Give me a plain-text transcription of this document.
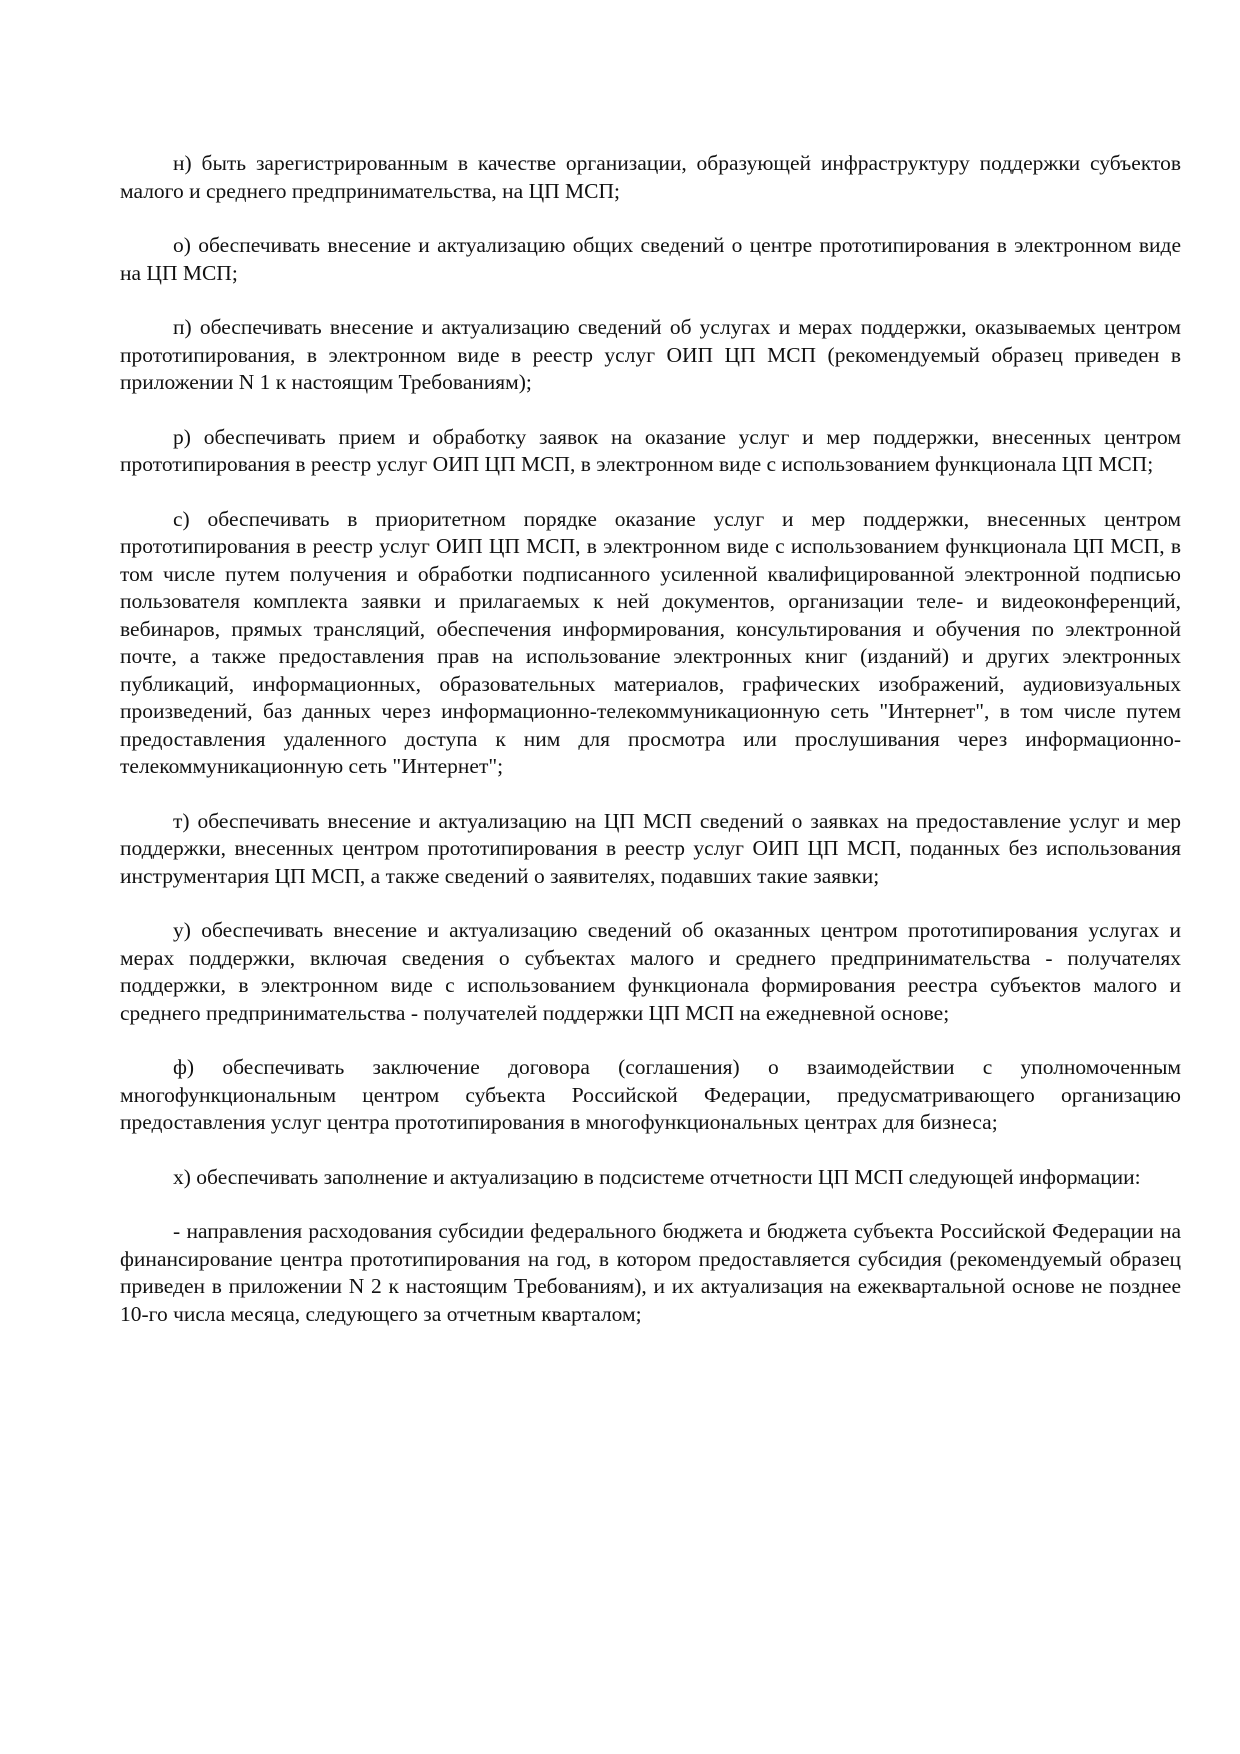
н) быть зарегистрированным в качестве организации, образующей инфраструктуру поддержки субъектов малого и среднего предпринимательства, на ЦП МСП;

о) обеспечивать внесение и актуализацию общих сведений о центре прототипирования в электронном виде на ЦП МСП;

п) обеспечивать внесение и актуализацию сведений об услугах и мерах поддержки, оказываемых центром прототипирования, в электронном виде в реестр услуг ОИП ЦП МСП (рекомендуемый образец приведен в приложении N 1 к настоящим Требованиям);

р) обеспечивать прием и обработку заявок на оказание услуг и мер поддержки, внесенных центром прототипирования в реестр услуг ОИП ЦП МСП, в электронном виде с использованием функционала ЦП МСП;

с) обеспечивать в приоритетном порядке оказание услуг и мер поддержки, внесенных центром прототипирования в реестр услуг ОИП ЦП МСП, в электронном виде с использованием функционала ЦП МСП, в том числе путем получения и обработки подписанного усиленной квалифицированной электронной подписью пользователя комплекта заявки и прилагаемых к ней документов, организации теле- и видеоконференций, вебинаров, прямых трансляций, обеспечения информирования, консультирования и обучения по электронной почте, а также предоставления прав на использование электронных книг (изданий) и других электронных публикаций, информационных, образовательных материалов, графических изображений, аудиовизуальных произведений, баз данных через информационно-телекоммуникационную сеть "Интернет", в том числе путем предоставления удаленного доступа к ним для просмотра или прослушивания через информационно-телекоммуникационную сеть "Интернет";

т) обеспечивать внесение и актуализацию на ЦП МСП сведений о заявках на предоставление услуг и мер поддержки, внесенных центром прототипирования в реестр услуг ОИП ЦП МСП, поданных без использования инструментария ЦП МСП, а также сведений о заявителях, подавших такие заявки;

у) обеспечивать внесение и актуализацию сведений об оказанных центром прототипирования услугах и мерах поддержки, включая сведения о субъектах малого и среднего предпринимательства - получателях поддержки, в электронном виде с использованием функционала формирования реестра субъектов малого и среднего предпринимательства - получателей поддержки ЦП МСП на ежедневной основе;

ф) обеспечивать заключение договора (соглашения) о взаимодействии с уполномоченным многофункциональным центром субъекта Российской Федерации, предусматривающего организацию предоставления услуг центра прототипирования в многофункциональных центрах для бизнеса;

х) обеспечивать заполнение и актуализацию в подсистеме отчетности ЦП МСП следующей информации:

- направления расходования субсидии федерального бюджета и бюджета субъекта Российской Федерации на финансирование центра прототипирования на год, в котором предоставляется субсидия (рекомендуемый образец приведен в приложении N 2 к настоящим Требованиям), и их актуализация на ежеквартальной основе не позднее 10-го числа месяца, следующего за отчетным кварталом;
